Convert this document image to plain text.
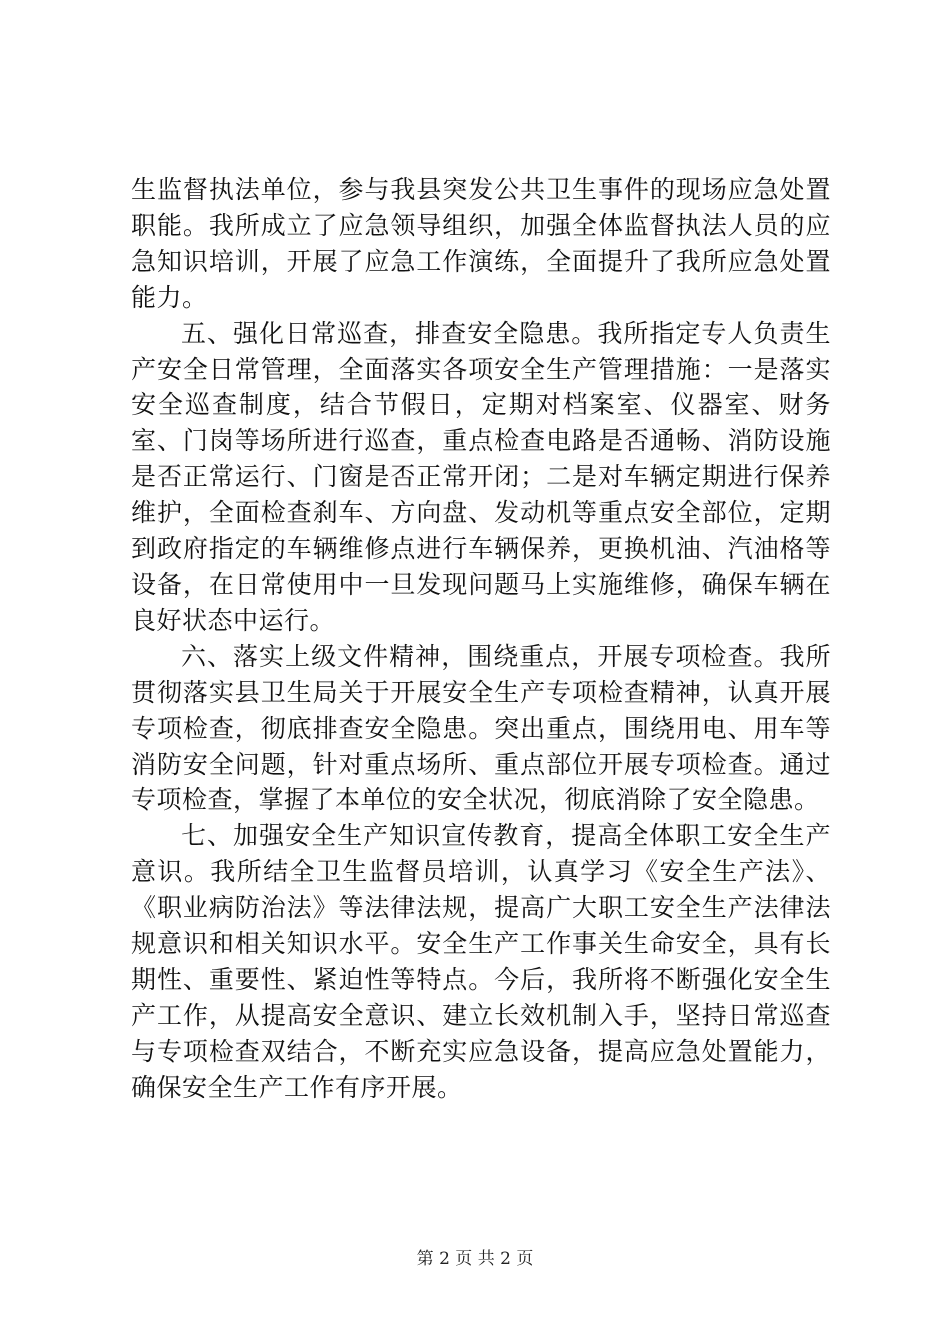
生监督执法单位，参与我县突发公共卫生事件的现场应急处置职能。我所成立了应急领导组织，加强全体监督执法人员的应急知识培训，开展了应急工作演练，全面提升了我所应急处置能力。

五、强化日常巡查，排查安全隐患。我所指定专人负责生产安全日常管理，全面落实各项安全生产管理措施：一是落实安全巡查制度，结合节假日，定期对档案室、仪器室、财务室、门岗等场所进行巡查，重点检查电路是否通畅、消防设施是否正常运行、门窗是否正常开闭；二是对车辆定期进行保养维护，全面检查刹车、方向盘、发动机等重点安全部位，定期到政府指定的车辆维修点进行车辆保养，更换机油、汽油格等设备，在日常使用中一旦发现问题马上实施维修，确保车辆在良好状态中运行。

六、落实上级文件精神，围绕重点，开展专项检查。我所贯彻落实县卫生局关于开展安全生产专项检查精神，认真开展专项检查，彻底排查安全隐患。突出重点，围绕用电、用车等消防安全问题，针对重点场所、重点部位开展专项检查。通过专项检查，掌握了本单位的安全状况，彻底消除了安全隐患。

七、加强安全生产知识宣传教育，提高全体职工安全生产意识。我所结全卫生监督员培训，认真学习《安全生产法》、《职业病防治法》等法律法规，提高广大职工安全生产法律法规意识和相关知识水平。安全生产工作事关生命安全，具有长期性、重要性、紧迫性等特点。今后，我所将不断强化安全生产工作，从提高安全意识、建立长效机制入手，坚持日常巡查与专项检查双结合，不断充实应急设备，提高应急处置能力，确保安全生产工作有序开展。

第 2 页 共 2 页
